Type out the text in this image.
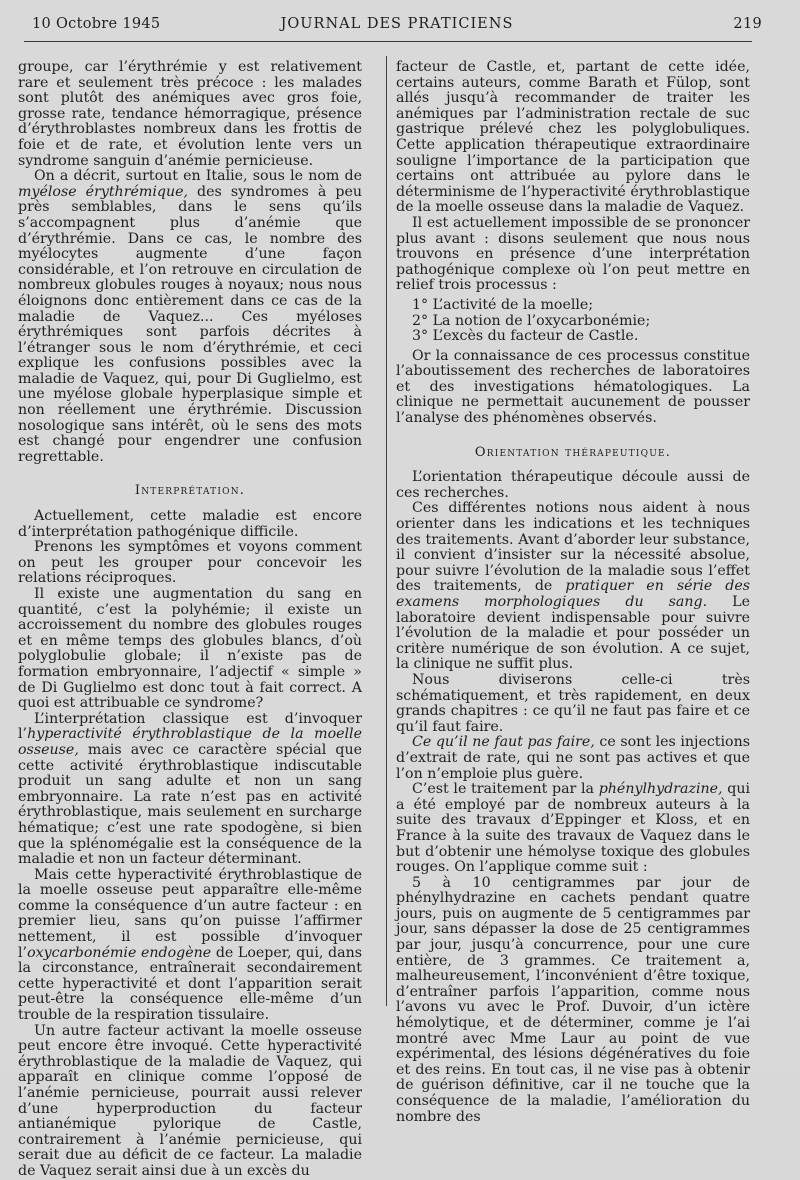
10 Octobre 1945	JOURNAL DES PRATICIENS	219

groupe, car l’érythrémie y est relativement rare et seulement très précoce : les malades sont plutôt des anémiques avec gros foie, grosse rate, tendance hémorragique, présence d’érythroblastes nombreux dans les frottis de foie et de rate, et évolution lente vers un syndrome sanguin d’anémie pernicieuse.

On a décrit, surtout en Italie, sous le nom de myélose érythrémique, des syndromes à peu près semblables, dans le sens qu’ils s’accompagnent plus d’anémie que d’érythrémie. Dans ce cas, le nombre des myélocytes augmente d’une façon considérable, et l’on retrouve en circulation de nombreux globules rouges à noyaux; nous nous éloignons donc entièrement dans ce cas de la maladie de Vaquez... Ces myéloses érythrémiques sont parfois décrites à l’étranger sous le nom d’érythrémie, et ceci explique les confusions possibles avec la maladie de Vaquez, qui, pour Di Guglielmo, est une myélose globale hyperplasique simple et non réellement une érythrémie. Discussion nosologique sans intérêt, où le sens des mots est changé pour engendrer une confusion regrettable.

Interprétation.

Actuellement, cette maladie est encore d’interprétation pathogénique difficile.

Prenons les symptômes et voyons comment on peut les grouper pour concevoir les relations réciproques.

Il existe une augmentation du sang en quantité, c’est la polyhémie; il existe un accroissement du nombre des globules rouges et en même temps des globules blancs, d’où polyglobulie globale; il n’existe pas de formation embryonnaire, l’adjectif « simple » de Di Guglielmo est donc tout à fait correct. A quoi est attribuable ce syndrome?

L’interprétation classique est d’invoquer l’hyperactivité érythroblastique de la moelle osseuse, mais avec ce caractère spécial que cette activité érythroblastique indiscutable produit un sang adulte et non un sang embryonnaire. La rate n’est pas en activité érythroblastique, mais seulement en surcharge hématique; c’est une rate spodogène, si bien que la splénomégalie est la conséquence de la maladie et non un facteur déterminant.

Mais cette hyperactivité érythroblastique de la moelle osseuse peut apparaître elle-même comme la conséquence d’un autre facteur : en premier lieu, sans qu’on puisse l’affirmer nettement, il est possible d’invoquer l’oxycarbonémie endogène de Loeper, qui, dans la circonstance, entraînerait secondairement cette hyperactivité et dont l’apparition serait peut-être la conséquence elle-même d’un trouble de la respiration tissulaire.

Un autre facteur activant la moelle osseuse peut encore être invoqué. Cette hyperactivité érythroblastique de la maladie de Vaquez, qui apparaît en clinique comme l’opposé de l’anémie pernicieuse, pourrait aussi relever d’une hyperproduction du facteur antianémique pylorique de Castle, contrairement à l’anémie pernicieuse, qui serait due au déficit de ce facteur. La maladie de Vaquez serait ainsi due à un excès du

facteur de Castle, et, partant de cette idée, certains auteurs, comme Barath et Fülop, sont allés jusqu’à recommander de traiter les anémiques par l’administration rectale de suc gastrique prélevé chez les polyglobuliques. Cette application thérapeutique extraordinaire souligne l’importance de la participation que certains ont attribuée au pylore dans le déterminisme de l’hyperactivité érythroblastique de la moelle osseuse dans la maladie de Vaquez.

Il est actuellement impossible de se prononcer plus avant : disons seulement que nous nous trouvons en présence d’une interprétation pathogénique complexe où l’on peut mettre en relief trois processus :

1° L’activité de la moelle;
2° La notion de l’oxycarbonémie;
3° L’excès du facteur de Castle.

Or la connaissance de ces processus constitue l’aboutissement des recherches de laboratoires et des investigations hématologiques. La clinique ne permettait aucunement de pousser l’analyse des phénomènes observés.

Orientation thérapeutique.

L’orientation thérapeutique découle aussi de ces recherches.

Ces différentes notions nous aident à nous orienter dans les indications et les techniques des traitements. Avant d’aborder leur substance, il convient d’insister sur la nécessité absolue, pour suivre l’évolution de la maladie sous l’effet des traitements, de pratiquer en série des examens morphologiques du sang. Le laboratoire devient indispensable pour suivre l’évolution de la maladie et pour posséder un critère numérique de son évolution. A ce sujet, la clinique ne suffit plus.

Nous diviserons celle-ci très schématiquement, et très rapidement, en deux grands chapitres : ce qu’il ne faut pas faire et ce qu’il faut faire.

Ce qu’il ne faut pas faire, ce sont les injections d’extrait de rate, qui ne sont pas actives et que l’on n’emploie plus guère.

C’est le traitement par la phénylhydrazine, qui a été employé par de nombreux auteurs à la suite des travaux d’Eppinger et Kloss, et en France à la suite des travaux de Vaquez dans le but d’obtenir une hémolyse toxique des globules rouges. On l’applique comme suit :

5 à 10 centigrammes par jour de phénylhydrazine en cachets pendant quatre jours, puis on augmente de 5 centigrammes par jour, sans dépasser la dose de 25 centigrammes par jour, jusqu’à concurrence, pour une cure entière, de 3 grammes. Ce traitement a, malheureusement, l’inconvénient d’être toxique, d’entraîner parfois l’apparition, comme nous l’avons vu avec le Prof. Duvoir, d’un ictère hémolytique, et de déterminer, comme je l’ai montré avec Mme Laur au point de vue expérimental, des lésions dégénératives du foie et des reins. En tout cas, il ne vise pas à obtenir de guérison définitive, car il ne touche que la conséquence de la maladie, l’amélioration du nombre des
